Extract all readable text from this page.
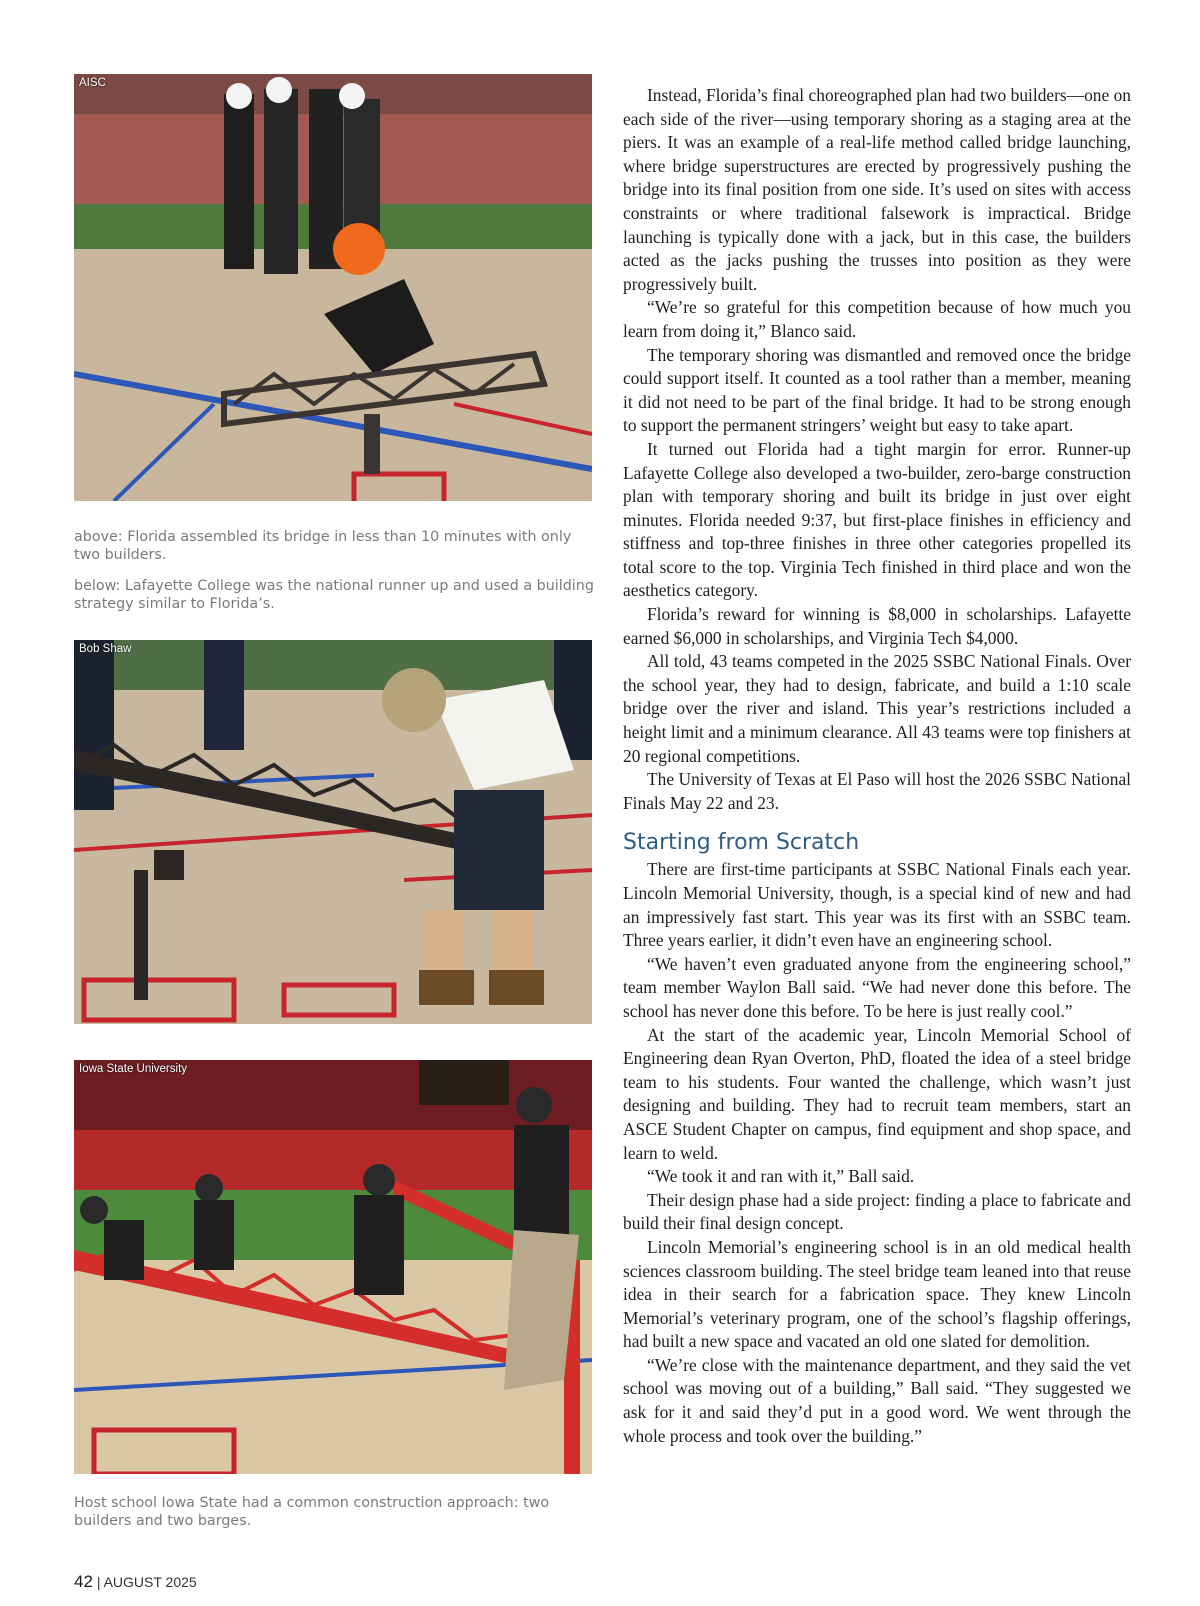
AISC
above: Florida assembled its bridge in less than 10 minutes with only two builders.
below: Lafayette College was the national runner up and used a building strategy similar to Florida’s.
Bob Shaw
Iowa State University
Host school Iowa State had a common construction approach: two builders and two barges.

Instead, Florida’s final choreographed plan had two builders—one on each side of the river—using temporary shoring as a staging area at the piers. It was an example of a real-life method called bridge launching, where bridge superstructures are erected by progressively pushing the bridge into its final position from one side. It’s used on sites with access constraints or where traditional falsework is impractical. Bridge launching is typically done with a jack, but in this case, the builders acted as the jacks pushing the trusses into position as they were progressively built.

“We’re so grateful for this competition because of how much you learn from doing it,” Blanco said.

The temporary shoring was dismantled and removed once the bridge could support itself. It counted as a tool rather than a member, meaning it did not need to be part of the final bridge. It had to be strong enough to support the permanent stringers’ weight but easy to take apart.

It turned out Florida had a tight margin for error. Runner-up Lafayette College also developed a two-builder, zero-barge construction plan with temporary shoring and built its bridge in just over eight minutes. Florida needed 9:37, but first-place finishes in efficiency and stiffness and top-three finishes in three other categories propelled its total score to the top. Virginia Tech finished in third place and won the aesthetics category.

Florida’s reward for winning is $8,000 in scholarships. Lafayette earned $6,000 in scholarships, and Virginia Tech $4,000.

All told, 43 teams competed in the 2025 SSBC National Finals. Over the school year, they had to design, fabricate, and build a 1:10 scale bridge over the river and island. This year’s restrictions included a height limit and a minimum clearance. All 43 teams were top finishers at 20 regional competitions.

The University of Texas at El Paso will host the 2026 SSBC National Finals May 22 and 23.

Starting from Scratch

There are first-time participants at SSBC National Finals each year. Lincoln Memorial University, though, is a special kind of new and had an impressively fast start. This year was its first with an SSBC team. Three years earlier, it didn’t even have an engineering school.

“We haven’t even graduated anyone from the engineering school,” team member Waylon Ball said. “We had never done this before. The school has never done this before. To be here is just really cool.”

At the start of the academic year, Lincoln Memorial School of Engineering dean Ryan Overton, PhD, floated the idea of a steel bridge team to his students. Four wanted the challenge, which wasn’t just designing and building. They had to recruit team members, start an ASCE Student Chapter on campus, find equipment and shop space, and learn to weld.

“We took it and ran with it,” Ball said.

Their design phase had a side project: finding a place to fabricate and build their final design concept.

Lincoln Memorial’s engineering school is in an old medical health sciences classroom building. The steel bridge team leaned into that reuse idea in their search for a fabrication space. They knew Lincoln Memorial’s veterinary program, one of the school’s flagship offerings, had built a new space and vacated an old one slated for demolition.

“We’re close with the maintenance department, and they said the vet school was moving out of a building,” Ball said. “They suggested we ask for it and said they’d put in a good word. We went through the whole process and took over the building.”

42 | AUGUST 2025
